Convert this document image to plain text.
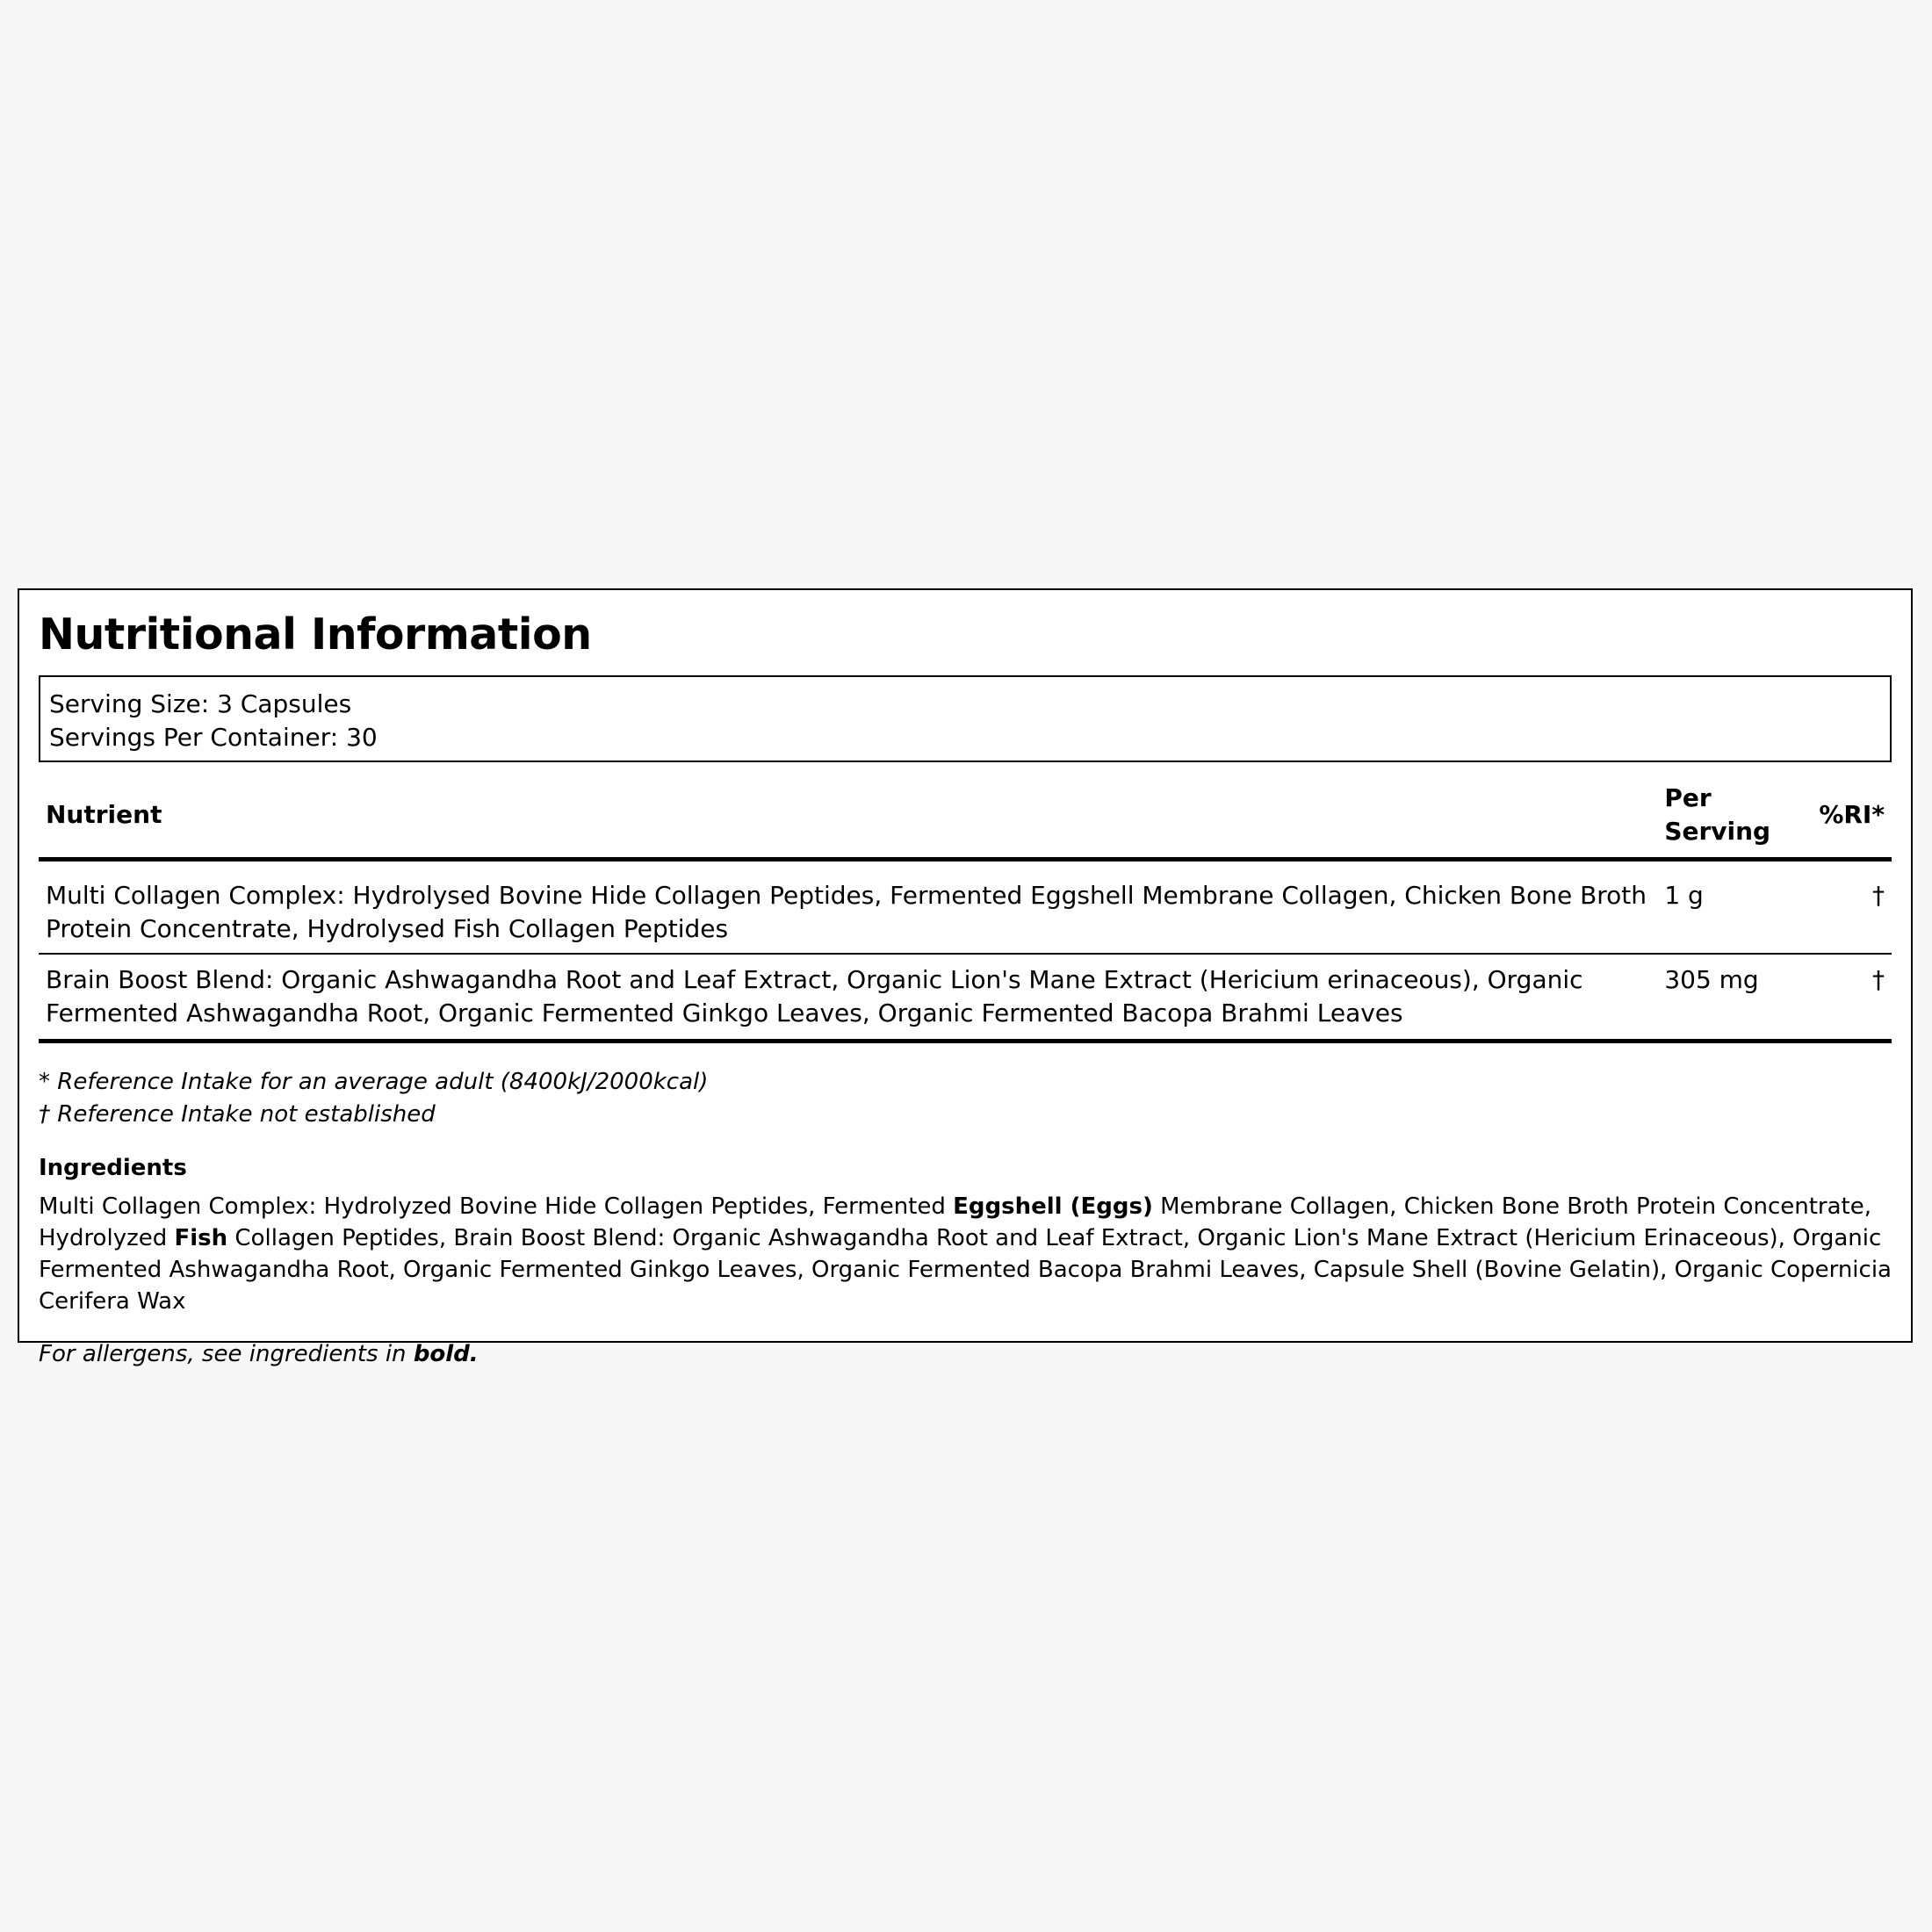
Nutritional Information
Serving Size: 3 Capsules
Servings Per Container: 30
Nutrient	Per Serving	%RI*
Multi Collagen Complex: Hydrolysed Bovine Hide Collagen Peptides, Fermented Eggshell Membrane Collagen, Chicken Bone Broth Protein Concentrate, Hydrolysed Fish Collagen Peptides	1 g	†
Brain Boost Blend: Organic Ashwagandha Root and Leaf Extract, Organic Lion's Mane Extract (Hericium erinaceous), Organic Fermented Ashwagandha Root, Organic Fermented Ginkgo Leaves, Organic Fermented Bacopa Brahmi Leaves	305 mg	†
* Reference Intake for an average adult (8400kJ/2000kcal)
† Reference Intake not established
Ingredients
Multi Collagen Complex: Hydrolyzed Bovine Hide Collagen Peptides, Fermented Eggshell (Eggs) Membrane Collagen, Chicken Bone Broth Protein Concentrate, Hydrolyzed Fish Collagen Peptides, Brain Boost Blend: Organic Ashwagandha Root and Leaf Extract, Organic Lion's Mane Extract (Hericium Erinaceous), Organic Fermented Ashwagandha Root, Organic Fermented Ginkgo Leaves, Organic Fermented Bacopa Brahmi Leaves, Capsule Shell (Bovine Gelatin), Organic Copernicia Cerifera Wax
For allergens, see ingredients in bold.
